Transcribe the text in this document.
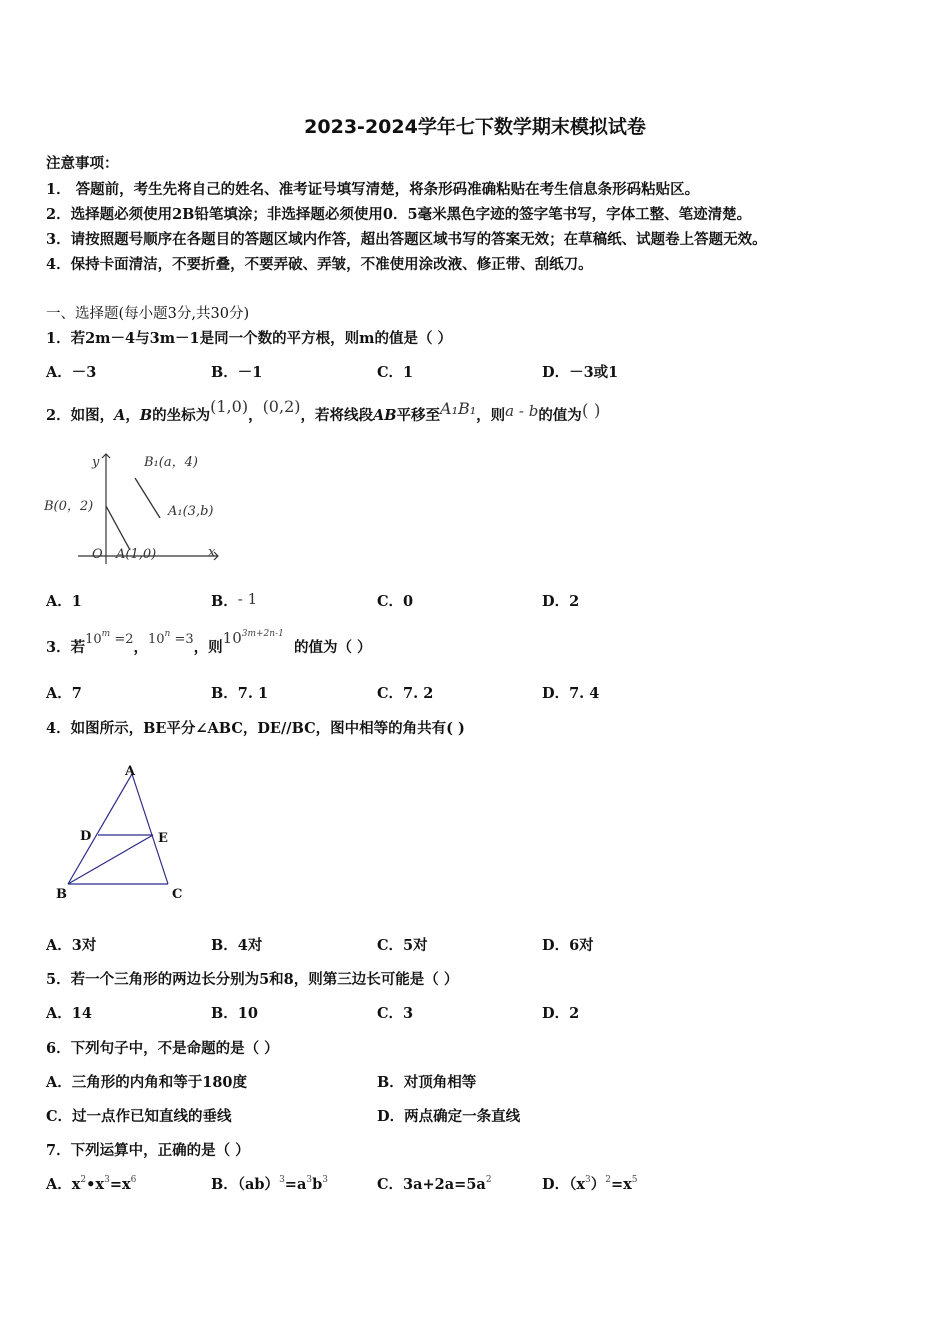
2023-2024学年七下数学期末模拟试卷
注意事项：
1． 答题前，考生先将自己的姓名、准考证号填写清楚，将条形码准确粘贴在考生信息条形码粘贴区。
2．选择题必须使用2B铅笔填涂；非选择题必须使用0．5毫米黑色字迹的签字笔书写，字体工整、笔迹清楚。
3．请按照题号顺序在各题目的答题区域内作答，超出答题区域书写的答案无效；在草稿纸、试题卷上答题无效。
4．保持卡面清洁，不要折叠，不要弄破、弄皱，不准使用涂改液、修正带、刮纸刀。
一、选择题(每小题3分,共30分)
1．若2m－4与3m－1是同一个数的平方根，则m的值是（ ）
A．－3	B．－1	C．1	D．－3或1
2．如图，A，B的坐标为(1,0)，(0,2)，若将线段AB平移至A₁B₁，则a - b的值为( )
y
x
O
B(0，2)
A(1,0)
B₁(a，4)
A₁(3,b)
A．1	B．- 1	C．0	D．2
3．若$10^m =2$，$10^n =3$，则$10^{3m+2n-1}$  的值为（ ）
A．7	B．7. 1	C．7. 2	D．7. 4
4．如图所示，BE平分∠ABC，DE//BC，图中相等的角共有( )
A
B	C
D	E
A．3对	B．4对	C．5对	D．6对
5．若一个三角形的两边长分别为5和8，则第三边长可能是（ ）
A．14	B．10	C．3	D．2
6．下列句子中，不是命题的是（ ）
A．三角形的内角和等于180度	B．对顶角相等
C．过一点作已知直线的垂线	D．两点确定一条直线
7．下列运算中，正确的是（ ）
A．$x^2•x^3=x^6$	B．$(ab)^3=a^3b^3$	C．$3a+2a=5a^2$	D．$(x^3)^2=x^5$
